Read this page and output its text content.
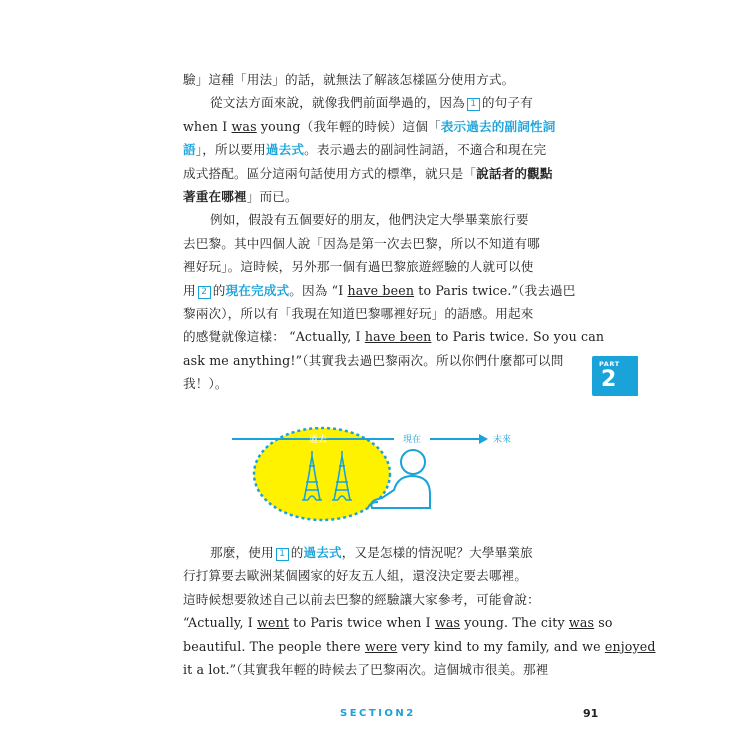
驗」這種「用法」的話，就無法了解該怎樣區分使用方式。

從文法方面來說，就像我們前面學過的，因為 1 的句子有
when I was young（我年輕的時候）這個「表示過去的副詞性詞
語」，所以要用過去式。表示過去的副詞性詞語，不適合和現在完
成式搭配。區分這兩句話使用方式的標準，就只是「說話者的觀點
著重在哪裡」而已。

例如，假設有五個要好的朋友，他們決定大學畢業旅行要
去巴黎。其中四個人說「因為是第一次去巴黎，所以不知道有哪
裡好玩」。這時候，另外那一個有過巴黎旅遊經驗的人就可以使
用 2 的現在完成式。因為 “I have been to Paris twice.”（我去過巴
黎兩次），所以有「我現在知道巴黎哪裡好玩」的語感。用起來
的感覺就像這樣： “Actually, I have been to Paris twice. So you can
ask me anything!”（其實我去過巴黎兩次。所以你們什麼都可以問
我！）。

PART
2
過去	現在	未來
那麼，使用 1 的過去式，又是怎樣的情況呢？大學畢業旅
行打算要去歐洲某個國家的好友五人組，還沒決定要去哪裡。
這時候想要敘述自己以前去巴黎的經驗讓大家參考，可能會說：
“Actually, I went to Paris twice when I was young. The city was so
beautiful. The people there were very kind to my family, and we enjoyed
it a lot.”（其實我年輕的時候去了巴黎兩次。這個城市很美。那裡
SECTION2	91
